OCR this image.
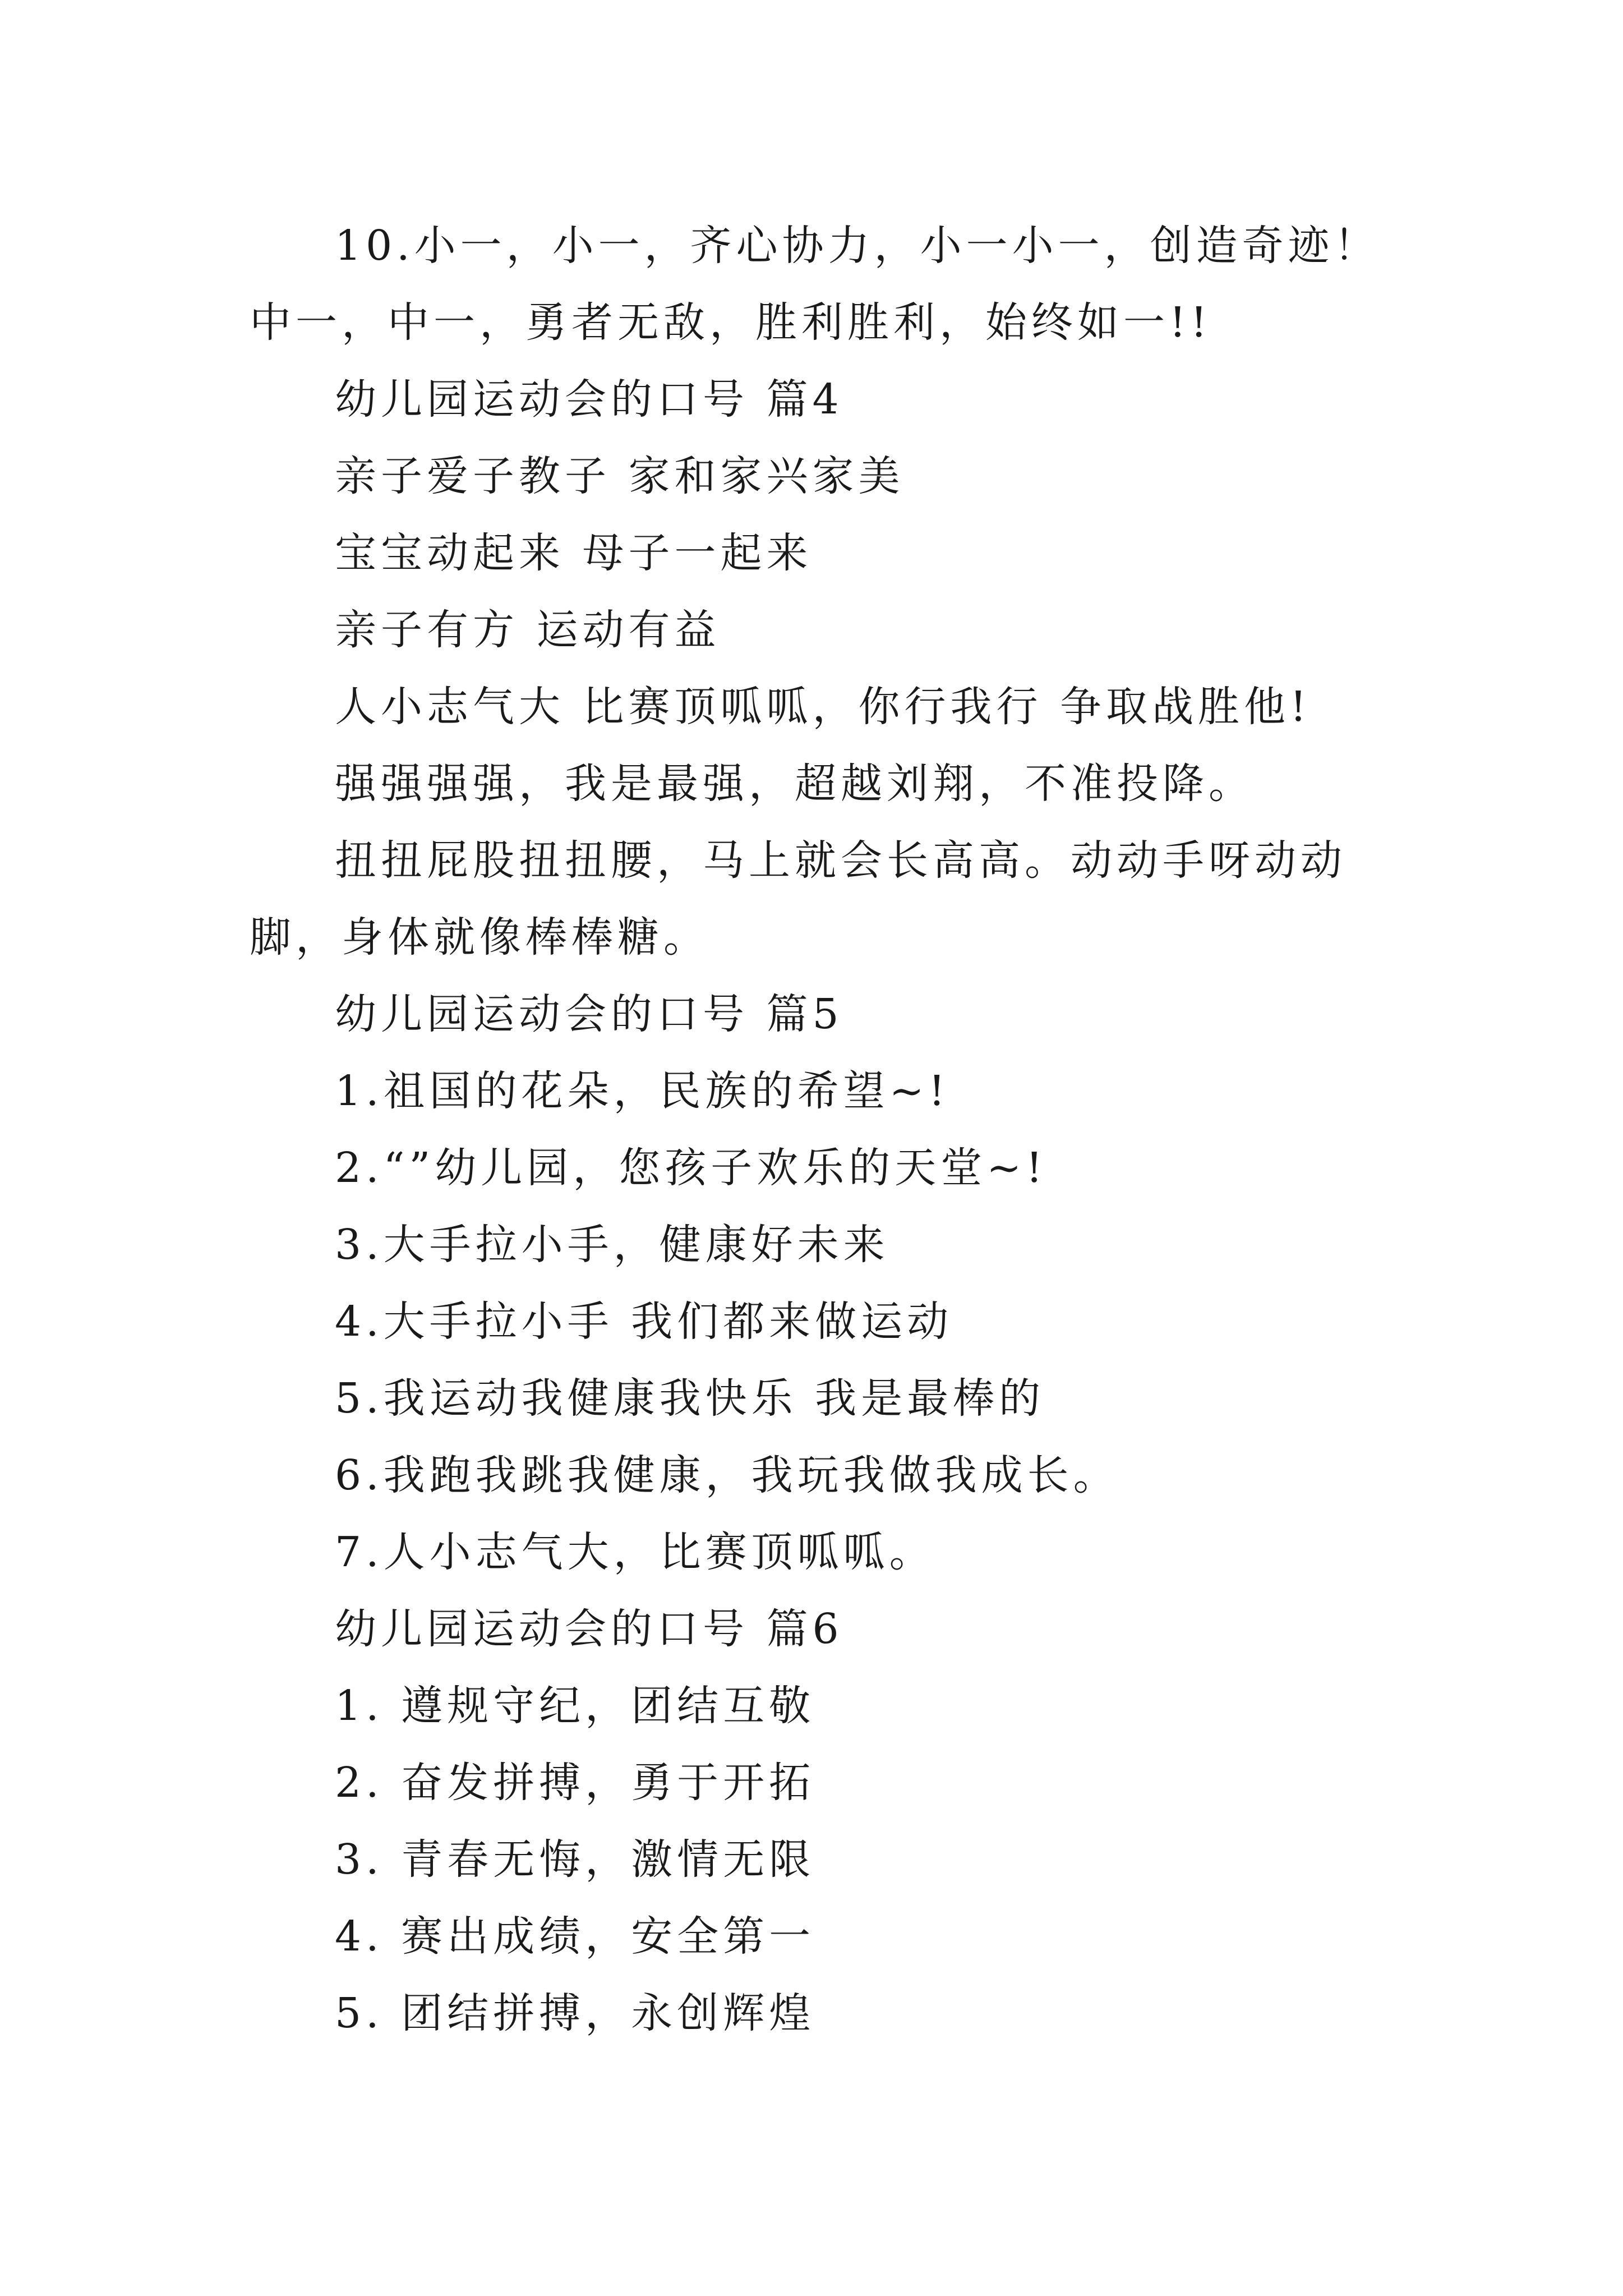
10.小一，小一，齐心协力，小一小一，创造奇迹！ 中一，中一，勇者无敌，胜利胜利，始终如一!!
幼儿园运动会的口号 篇4
亲子爱子教子 家和家兴家美
宝宝动起来 母子一起来
亲子有方 运动有益
人小志气大 比赛顶呱呱，你行我行 争取战胜他!
强强强强，我是最强，超越刘翔，不准投降。
扭扭屁股扭扭腰，马上就会长高高。动动手呀动动脚，身体就像棒棒糖。
幼儿园运动会的口号 篇5
1.祖国的花朵，民族的希望~!
2.“”幼儿园，您孩子欢乐的天堂~!
3.大手拉小手，健康好未来
4.大手拉小手 我们都来做运动
5.我运动我健康我快乐 我是最棒的
6.我跑我跳我健康，我玩我做我成长。
7.人小志气大，比赛顶呱呱。
幼儿园运动会的口号 篇6
1. 遵规守纪，团结互敬
2. 奋发拼搏，勇于开拓
3. 青春无悔，激情无限
4. 赛出成绩，安全第一
5. 团结拼搏，永创辉煌
